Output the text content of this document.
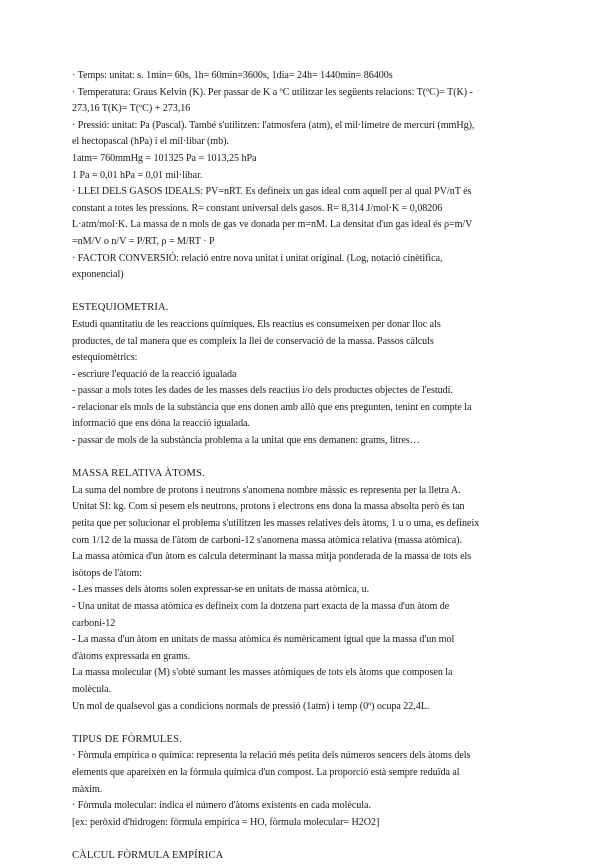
· Temps: unitat: s. 1min= 60s, 1h= 60min=3600s, 1dia= 24h= 1440min= 86400s
· Temperatura: Graus Kelvin (K). Per passar de K a ºC utilitzar les següents relacions: T(ºC)= T(K) -
273,16 T(K)= T(ºC) + 273,16
· Pressió: unitat: Pa (Pascal). També s'utilitzen: l'atmosfera (atm), el mil·límetre de mercuri (mmHg),
el hectopascal (hPa) i el mil·libar (mb).
1atm= 760mmHg = 101325 Pa = 1013,25 hPa
1 Pa = 0,01 hPa = 0,01 mil·libar.
· LLEI DELS GASOS IDEALS: PV=nRT. Es defineix un gas ideal com aquell per al qual PV/nT és
constant a totes les pressions. R= constant universal dels gasos. R= 8,314 J/mol·K = 0,08206
L·atm/mol·K. La massa de n mols de gas ve donada per m=nM. La densitat d'un gas ideal és ρ=m/V
=nM/V o n/V = P/RT, ρ = M/RT · P
· FACTOR CONVERSIÓ: relació entre nova unitat i unitat original. (Log, notació cinètifica,
exponencial)
ESTEQUIOMETRIA.
Estudi quantitatiu de les reaccions químiques. Els reactius es consumeixen per donar lloc als
productes, de tal manera que es compleix la llei de conservació de la massa. Passos càlculs
estequiomètrics:
- escriure l'equació de la reacció igualada
- passar a mols totes les dades de les masses dels reactius i/o dels productes objectes de l'estudi.
- relacionar els mols de la substància que ens donen amb allò que ens pregunten, tenint en compte la
informació que ens dóna la reacció igualada.
- passar de mols de la substància problema a la unitat que ens demanen: grams, litres…
MASSA RELATIVA ÀTOMS.
La suma del nombre de protons i neutrons s'anomena nombre màssic es representa per la lletra A.
Unitat SI: kg. Com si pesem els neutrons, protons i electrons ens dona la massa absolta però és tan
petita que per solucionar el problema s'utilitzen les masses relatives dels àtoms, 1 u o uma, es defineix
com 1/12 de la massa de l'àtom de carboni-12 s'anomena massa atòmica relativa (massa atòmica).
La massa atòmica d'un àtom es calcula determinant la massa mitja ponderada de la massa de tots els
isòtops de l'àtom:
- Les masses dels àtoms solen expressar-se en unitats de massa atòmica, u.
- Una unitat de massa atòmica es defineix com la dotzena part exacta de la massa d'un àtom de
carboni-12
- La massa d'un àtom en unitats de massa atòmica és numèricament igual que la massa d'un mol
d'àtoms expressada en grams.
La massa molecular (M) s'obté sumant les masses atòmiques de tots els àtoms que composen la
molècula.
Un mol de qualsevol gas a condicions normals de pressió (1atm) i temp (0º) ocupa 22,4L.
TIPUS DE FÒRMULES.
· Fòrmula empírica o química: representa la relació més petita dels números sencers dels àtoms dels
elements que apareixen en la fórmula química d'un compost. La proporció està sempre reduïda al
màxim.
· Fòrmula molecular: indica el número d'àtoms existents en cada molècula.
[ex: peròxid d'hidrogen: fòrmula empírica = HO, fòrmula molecular= H2O2]
CÀLCUL FÒRMULA EMPÍRICA
